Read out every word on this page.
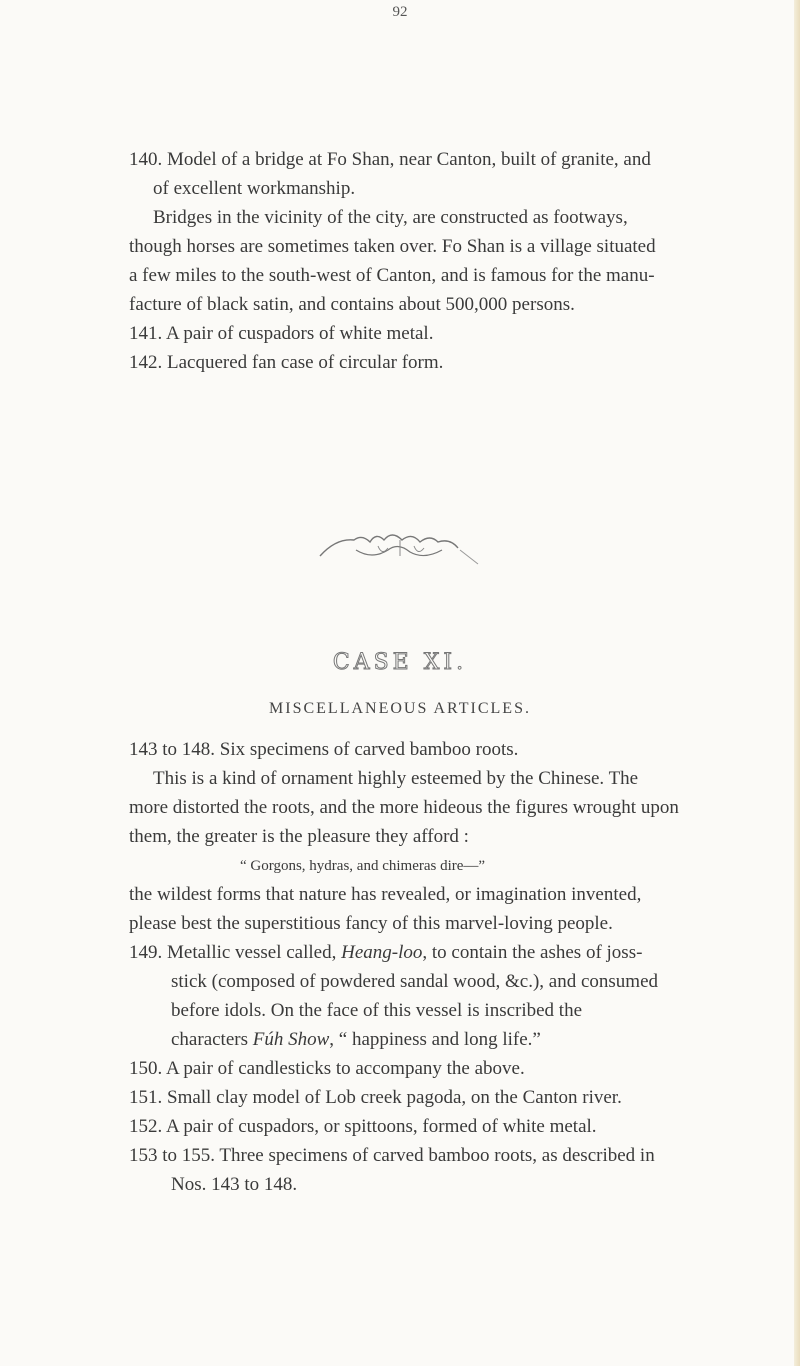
92
140. Model of a bridge at Fo Shan, near Canton, built of granite, and
of excellent workmanship.
Bridges in the vicinity of the city, are constructed as footways,
though horses are sometimes taken over. Fo Shan is a village situated
a few miles to the south-west of Canton, and is famous for the manu-
facture of black satin, and contains about 500,000 persons.
141. A pair of cuspadors of white metal.
142. Lacquered fan case of circular form.
CASE XI.
MISCELLANEOUS ARTICLES.
143 to 148. Six specimens of carved bamboo roots.
This is a kind of ornament highly esteemed by the Chinese. The
more distorted the roots, and the more hideous the figures wrought upon
them, the greater is the pleasure they afford :
“ Gorgons, hydras, and chimeras dire—”
the wildest forms that nature has revealed, or imagination invented,
please best the superstitious fancy of this marvel-loving people.
149. Metallic vessel called, Heang-loo, to contain the ashes of joss-
stick (composed of powdered sandal wood, &c.), and consumed
before idols. On the face of this vessel is inscribed the
characters Fúh Show, “ happiness and long life.”
150. A pair of candlesticks to accompany the above.
151. Small clay model of Lob creek pagoda, on the Canton river.
152. A pair of cuspadors, or spittoons, formed of white metal.
153 to 155. Three specimens of carved bamboo roots, as described in
Nos. 143 to 148.
